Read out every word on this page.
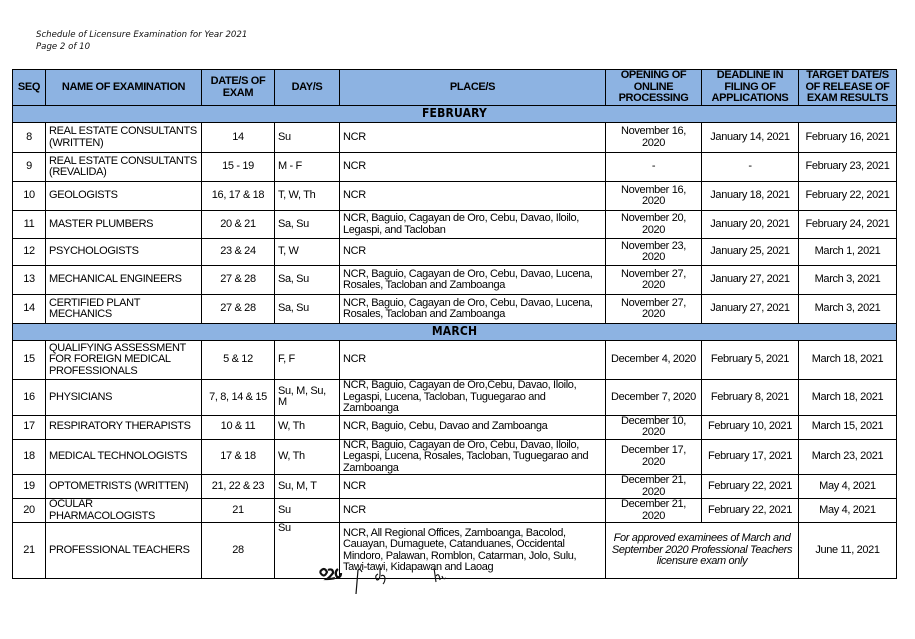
Schedule of Licensure Examination for Year 2021
Page 2 of 10
SEQ	NAME OF EXAMINATION	DATE/S OF EXAM	DAY/S	PLACE/S	OPENING OF ONLINE PROCESSING	DEADLINE IN FILING OF APPLICATIONS	TARGET DATE/S OF RELEASE OF EXAM RESULTS
FEBRUARY							
8	REAL ESTATE CONSULTANTS (WRITTEN)	14	Su	NCR	November 16, 2020	January 14, 2021	February 16, 2021
9	REAL ESTATE CONSULTANTS (REVALIDA)	15 - 19	M - F	NCR	-	-	February 23, 2021
10	GEOLOGISTS	16, 17 & 18	T, W, Th	NCR	November 16, 2020	January 18, 2021	February 22, 2021
11	MASTER PLUMBERS	20 & 21	Sa, Su	NCR, Baguio, Cagayan de Oro, Cebu, Davao, Iloilo, Legaspi, and Tacloban	November 20, 2020	January 20, 2021	February 24, 2021
12	PSYCHOLOGISTS	23 & 24	T, W	NCR	November 23, 2020	January 25, 2021	March 1, 2021
13	MECHANICAL ENGINEERS	27 & 28	Sa, Su	NCR, Baguio, Cagayan de Oro, Cebu, Davao, Lucena, Rosales, Tacloban and Zamboanga	November 27, 2020	January 27, 2021	March 3, 2021
14	CERTIFIED PLANT MECHANICS	27 & 28	Sa, Su	NCR, Baguio, Cagayan de Oro, Cebu, Davao, Lucena, Rosales, Tacloban and Zamboanga	November 27, 2020	January 27, 2021	March 3, 2021
MARCH							
15	QUALIFYING ASSESSMENT FOR FOREIGN MEDICAL PROFESSIONALS	5 & 12	F, F	NCR	December 4, 2020	February 5, 2021	March 18, 2021
16	PHYSICIANS	7, 8, 14 & 15	Su, M, Su, M	NCR, Baguio, Cagayan de Oro,Cebu, Davao, Iloilo, Legaspi, Lucena, Tacloban, Tuguegarao and Zamboanga	December 7, 2020	February 8, 2021	March 18, 2021
17	RESPIRATORY THERAPISTS	10 & 11	W, Th	NCR, Baguio, Cebu, Davao and Zamboanga	December 10, 2020	February 10, 2021	March 15, 2021
18	MEDICAL TECHNOLOGISTS	17 & 18	W, Th	NCR, Baguio, Cagayan de Oro, Cebu, Davao, Iloilo, Legaspi, Lucena, Rosales, Tacloban, Tuguegarao and Zamboanga	December 17, 2020	February 17, 2021	March 23, 2021
19	OPTOMETRISTS (WRITTEN)	21, 22 & 23	Su, M, T	NCR	December 21, 2020	February 22, 2021	May 4, 2021
20	OCULAR PHARMACOLOGISTS	21	Su	NCR	December 21, 2020	February 22, 2021	May 4, 2021
21	PROFESSIONAL TEACHERS	28	Su	NCR, All Regional Offices, Zamboanga, Bacolod, Cauayan, Dumaguete, Catanduanes, Occidental Mindoro, Palawan, Romblon, Catarman, Jolo, Sulu, Tawi-tawi, Kidapawan and Laoag	For approved examinees of March and September 2020 Professional Teachers licensure exam only		June 11, 2021
